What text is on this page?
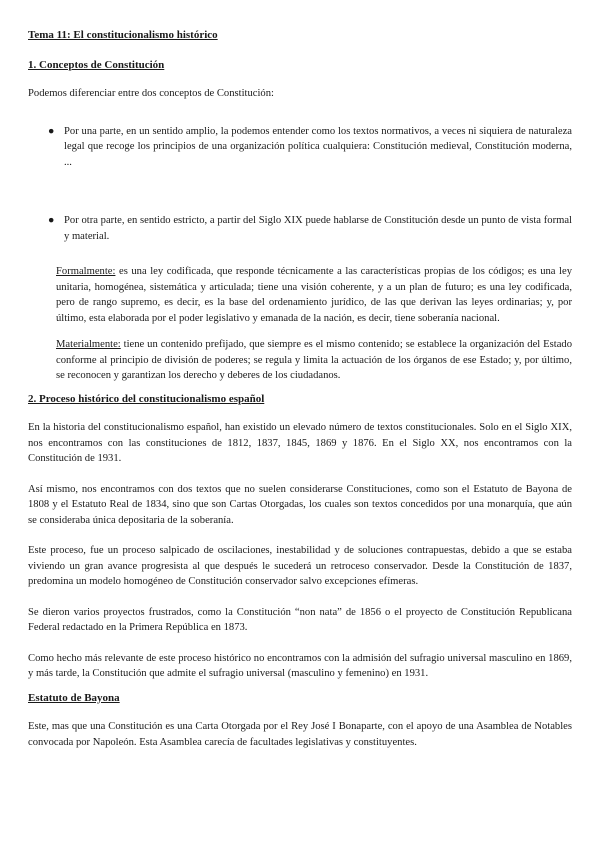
Tema 11: El constitucionalismo histórico
1. Conceptos de Constitución

Podemos diferenciar entre dos conceptos de Constitución:

● Por una parte, en un sentido amplio, la podemos entender como los textos normativos, a veces ni siquiera de naturaleza legal que recoge los principios de una organización política cualquiera: Constitución medieval, Constitución moderna, ...
● Por otra parte, en sentido estricto, a partir del Siglo XIX puede hablarse de Constitución desde un punto de vista formal y material.

Formalmente: es una ley codificada, que responde técnicamente a las características propias de los códigos; es una ley unitaria, homogénea, sistemática y articulada; tiene una visión coherente, y a un plan de futuro; es una ley codificada, pero de rango supremo, es decir, es la base del ordenamiento jurídico, de las que derivan las leyes ordinarias; y, por último, esta elaborada por el poder legislativo y emanada de la nación, es decir, tiene soberanía nacional.

Materialmente: tiene un contenido prefijado, que siempre es el mismo contenido; se establece la organización del Estado conforme al principio de división de poderes; se regula y limita la actuación de los órganos de ese Estado; y, por último, se reconocen y garantizan los derecho y deberes de los ciudadanos.

2. Proceso histórico del constitucionalismo español

En la historia del constitucionalismo español, han existido un elevado número de textos constitucionales. Solo en el Siglo XIX, nos encontramos con las constituciones de 1812, 1837, 1845, 1869 y 1876. En el Siglo XX, nos encontramos con la Constitución de 1931.

Así mismo, nos encontramos con dos textos que no suelen considerarse Constituciones, como son el Estatuto de Bayona de 1808 y el Estatuto Real de 1834, sino que son Cartas Otorgadas, los cuales son textos concedidos por una monarquía, que aún se consideraba única depositaria de la soberanía.

Este proceso, fue un proceso salpicado de oscilaciones, inestabilidad y de soluciones contrapuestas, debido a que se estaba viviendo un gran avance progresista al que después le sucederá un retroceso conservador. Desde la Constitución de 1837, predomina un modelo homogéneo de Constitución conservador salvo excepciones efímeras.

Se dieron varios proyectos frustrados, como la Constitución “non nata” de 1856 o el proyecto de Constitución Republicana Federal redactado en la Primera República en 1873.

Como hecho más relevante de este proceso histórico no encontramos con la admisión del sufragio universal masculino en 1869, y más tarde, la Constitución que admite el sufragio universal (masculino y femenino) en 1931.

Estatuto de Bayona

Este, mas que una Constitución es una Carta Otorgada por el Rey José I Bonaparte, con el apoyo de una Asamblea de Notables convocada por Napoleón. Esta Asamblea carecía de facultades legislativas y constituyentes.
